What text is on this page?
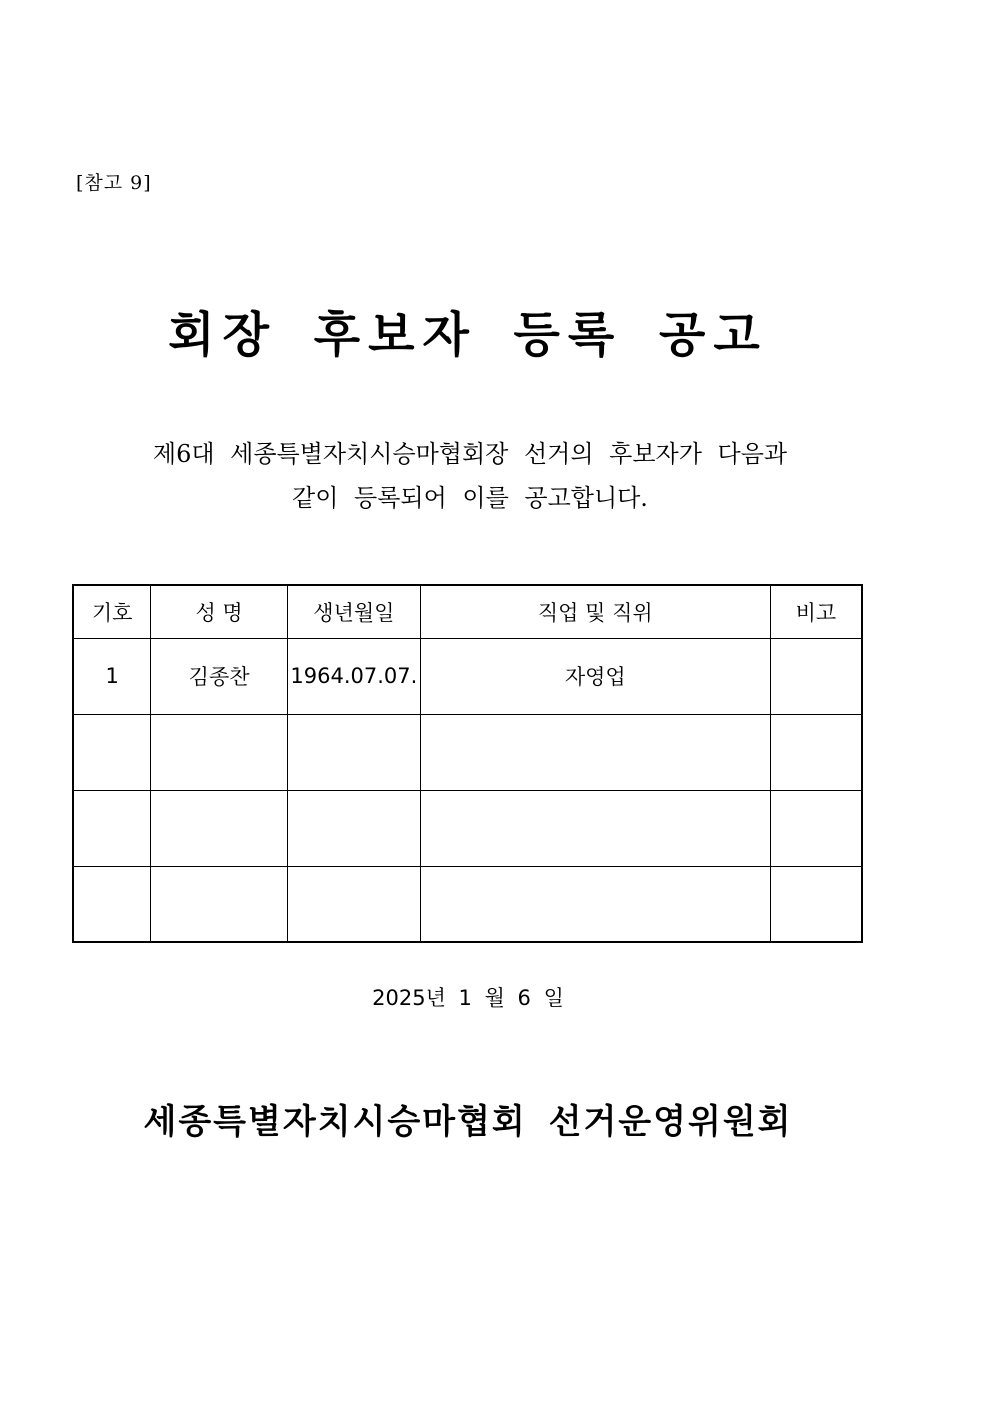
[참고 9]
회장 후보자 등록 공고
제6대 세종특별자치시승마협회장 선거의 후보자가 다음과
같이 등록되어 이를 공고합니다.
기호	성 명	생년월일	직업 및 직위	비고
1	김종찬	1964.07.07.	자영업	

2025년 1 월 6 일
세종특별자치시승마협회 선거운영위원회
